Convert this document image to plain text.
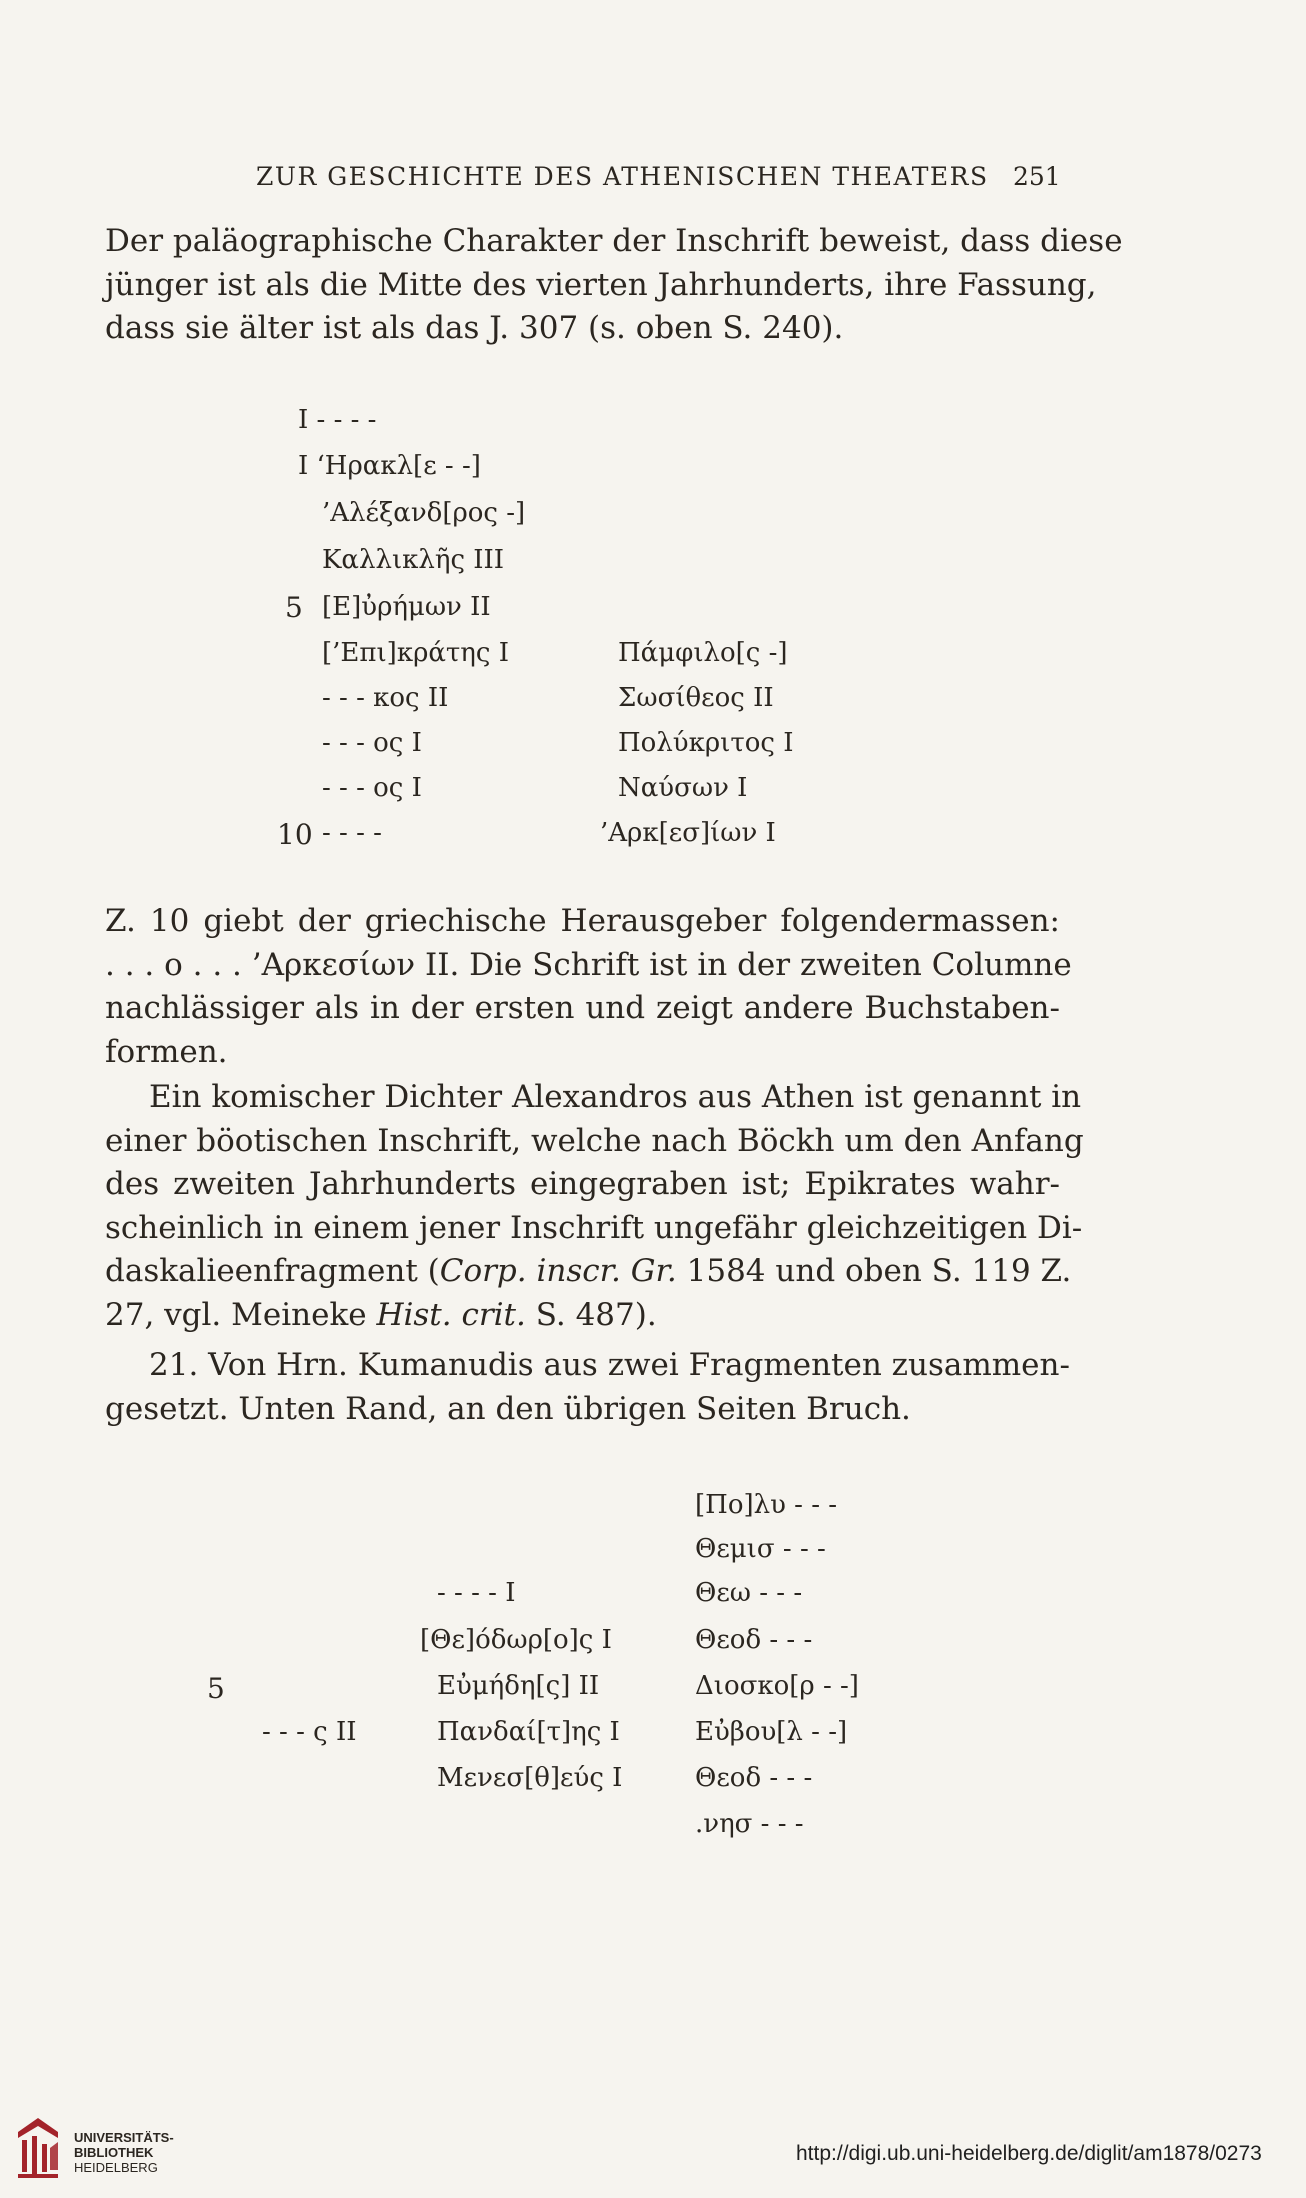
ZUR GESCHICHTE DES ATHENISCHEN THEATERS 251
Der paläographische Charakter der Inschrift beweist, dass diese
jünger ist als die Mitte des vierten Jahrhunderts, ihre Fassung,
dass sie älter ist als das J. 307 (s. oben S. 240).
5
10
I - - - -
I ‘Ηρακλ[ε - -]
’Αλέξανδ[ρος -]
Καλλικλῆς III
[Ε]ὐρήμων II
[’Επι]κράτης I
- - - κος II
- - - ος I
- - - ος I
- - - -
Πάμφιλο[ς -]
Σωσίθεος II
Πολύκριτος I
Ναύσων I
’Αρκ[εσ]ίων I
Z. 10 giebt der griechische Herausgeber folgendermassen:
. . . ο . . . ’Αρκεσίων II. Die Schrift ist in der zweiten Columne
nachlässiger als in der ersten und zeigt andere Buchstaben-
formen.
Ein komischer Dichter Alexandros aus Athen ist genannt in
einer böotischen Inschrift, welche nach Böckh um den Anfang
des zweiten Jahrhunderts eingegraben ist; Epikrates wahr-
scheinlich in einem jener Inschrift ungefähr gleichzeitigen Di-
daskalieenfragment (Corp. inscr. Gr. 1584 und oben S. 119 Z.
27, vgl. Meineke Hist. crit. S. 487).
21. Von Hrn. Kumanudis aus zwei Fragmenten zusammen-
gesetzt. Unten Rand, an den übrigen Seiten Bruch.
5
- - - ς II
- - - - I
[Θε]όδωρ[ο]ς I
Εὐμήδη[ς] II
Πανδαί[τ]ης I
Μενεσ[θ]εύς I
[Πο]λυ - - -
Θεμισ - - -
Θεω - - -
Θεοδ - - -
Διοσκο[ρ - -]
Εὐβου[λ - -]
Θεοδ - - -
.νησ - - -
UNIVERSITÄTS-
BIBLIOTHEK
HEIDELBERG
http://digi.ub.uni-heidelberg.de/diglit/am1878/0273
